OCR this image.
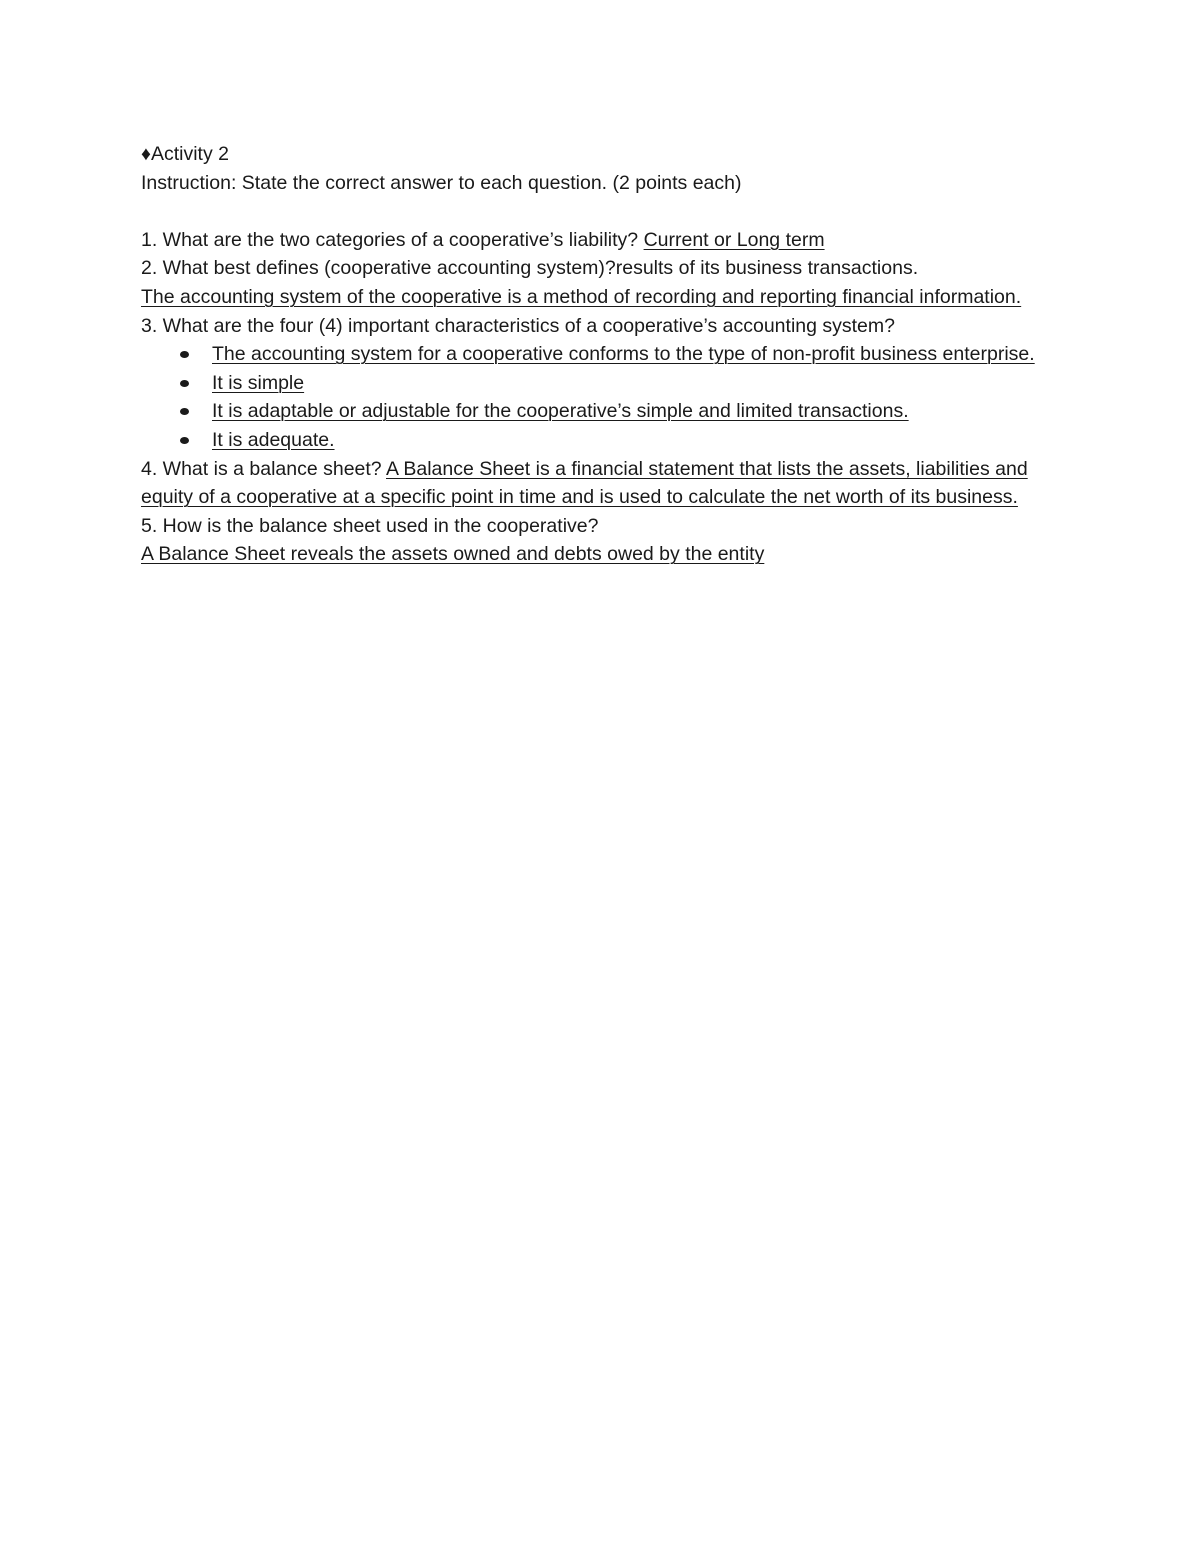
♦Activity 2

Instruction: State the correct answer to each question. (2 points each)

1. What are the two categories of a cooperative’s liability? Current or Long term

2. What best defines (cooperative accounting system)?results of its business transactions.

The accounting system of the cooperative is a method of recording and reporting financial information.

3. What are the four (4) important characteristics of a cooperative’s accounting system?

The accounting system for a cooperative conforms to the type of non-profit business enterprise.
It is simple
It is adaptable or adjustable for the cooperative’s simple and limited transactions.
It is adequate.

4. What is a balance sheet? A Balance Sheet is a financial statement that lists the assets, liabilities and equity of a cooperative at a specific point in time and is used to calculate the net worth of its business.

5. How is the balance sheet used in the cooperative?

A Balance Sheet reveals the assets owned and debts owed by the entity
